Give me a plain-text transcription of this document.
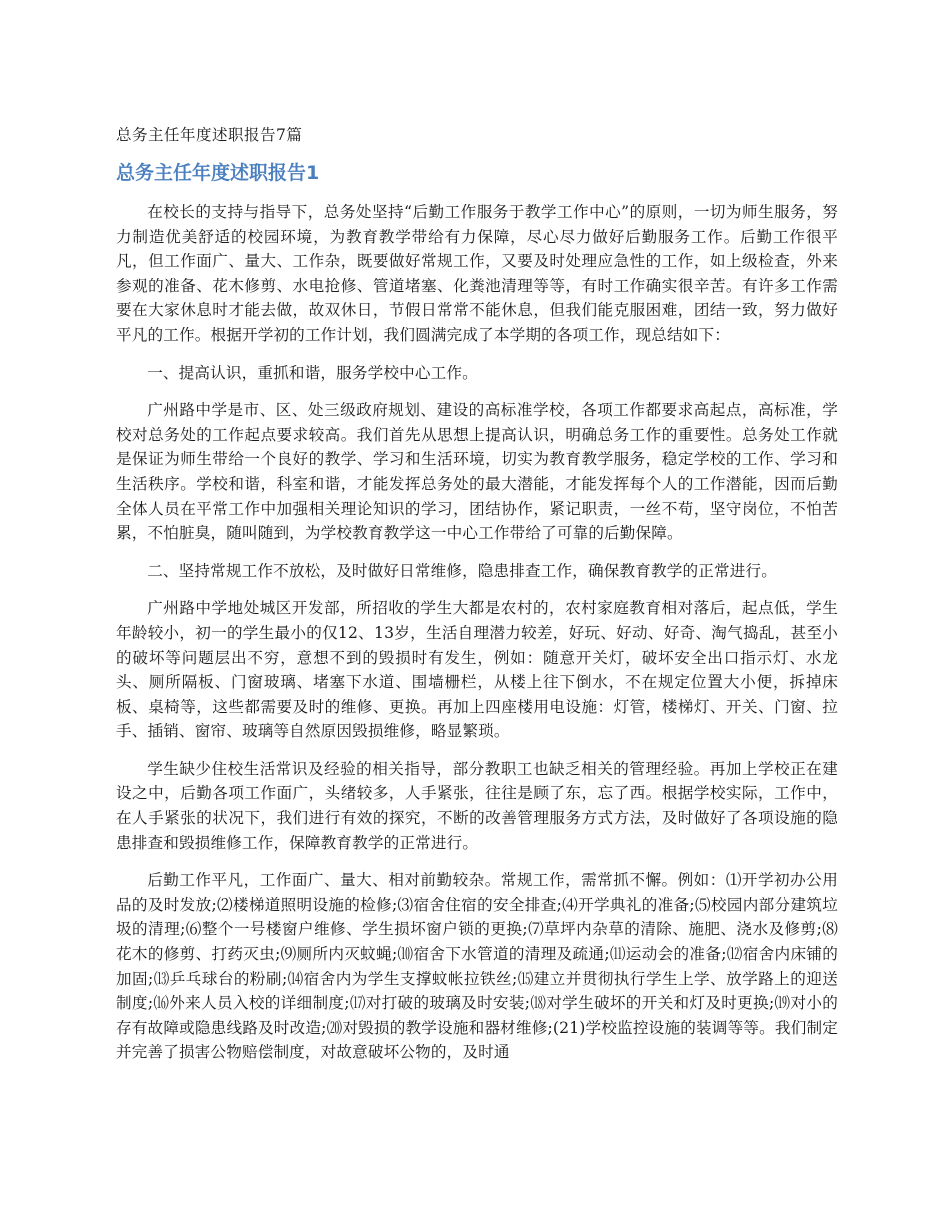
总务主任年度述职报告7篇
总务主任年度述职报告1

在校长的支持与指导下，总务处坚持“后勤工作服务于教学工作中心”的原则，一切为师生服务，努力制造优美舒适的校园环境，为教育教学带给有力保障，尽心尽力做好后勤服务工作。后勤工作很平凡，但工作面广、量大、工作杂，既要做好常规工作，又要及时处理应急性的工作，如上级检查，外来参观的准备、花木修剪、水电抢修、管道堵塞、化粪池清理等等，有时工作确实很辛苦。有许多工作需要在大家休息时才能去做，故双休日，节假日常常不能休息，但我们能克服困难，团结一致，努力做好平凡的工作。根据开学初的工作计划，我们圆满完成了本学期的各项工作，现总结如下：

一、提高认识，重抓和谐，服务学校中心工作。

广州路中学是市、区、处三级政府规划、建设的高标准学校，各项工作都要求高起点，高标准，学校对总务处的工作起点要求较高。我们首先从思想上提高认识，明确总务工作的重要性。总务处工作就是保证为师生带给一个良好的教学、学习和生活环境，切实为教育教学服务，稳定学校的工作、学习和生活秩序。学校和谐，科室和谐，才能发挥总务处的最大潜能，才能发挥每个人的工作潜能，因而后勤全体人员在平常工作中加强相关理论知识的学习，团结协作，紧记职责，一丝不苟，坚守岗位，不怕苦累，不怕脏臭，随叫随到，为学校教育教学这一中心工作带给了可靠的后勤保障。

二、坚持常规工作不放松，及时做好日常维修，隐患排查工作，确保教育教学的正常进行。

广州路中学地处城区开发部，所招收的学生大都是农村的，农村家庭教育相对落后，起点低，学生年龄较小，初一的学生最小的仅12、13岁，生活自理潜力较差，好玩、好动、好奇、淘气捣乱，甚至小的破坏等问题层出不穷，意想不到的毁损时有发生，例如：随意开关灯，破坏安全出口指示灯、水龙头、厕所隔板、门窗玻璃、堵塞下水道、围墙栅栏，从楼上往下倒水，不在规定位置大小便，拆掉床板、桌椅等，这些都需要及时的维修、更换。再加上四座楼用电设施：灯管，楼梯灯、开关、门窗、拉手、插销、窗帘、玻璃等自然原因毁损维修，略显繁琐。

学生缺少住校生活常识及经验的相关指导，部分教职工也缺乏相关的管理经验。再加上学校正在建设之中，后勤各项工作面广，头绪较多，人手紧张，往往是顾了东，忘了西。根据学校实际，工作中，在人手紧张的状况下，我们进行有效的探究，不断的改善管理服务方式方法，及时做好了各项设施的隐患排查和毁损维修工作，保障教育教学的正常进行。

后勤工作平凡，工作面广、量大、相对前勤较杂。常规工作，需常抓不懈。例如：⑴开学初办公用品的及时发放;⑵楼梯道照明设施的检修;⑶宿舍住宿的安全排查;⑷开学典礼的准备;⑸校园内部分建筑垃圾的清理;⑹整个一号楼窗户维修、学生损坏窗户锁的更换;⑺草坪内杂草的清除、施肥、浇水及修剪;⑻花木的修剪、打药灭虫;⑼厕所内灭蚊蝇;⑽宿舍下水管道的清理及疏通;⑾运动会的准备;⑿宿舍内床铺的加固;⒀乒乓球台的粉刷;⒁宿舍内为学生支撑蚊帐拉铁丝;⒂建立并贯彻执行学生上学、放学路上的迎送制度;⒃外来人员入校的详细制度;⒄对打破的玻璃及时安装;⒅对学生破坏的开关和灯及时更换;⒆对小的存有故障或隐患线路及时改造;⒇对毁损的教学设施和器材维修;(21)学校监控设施的装调等等。我们制定并完善了损害公物赔偿制度，对故意破坏公物的，及时通
